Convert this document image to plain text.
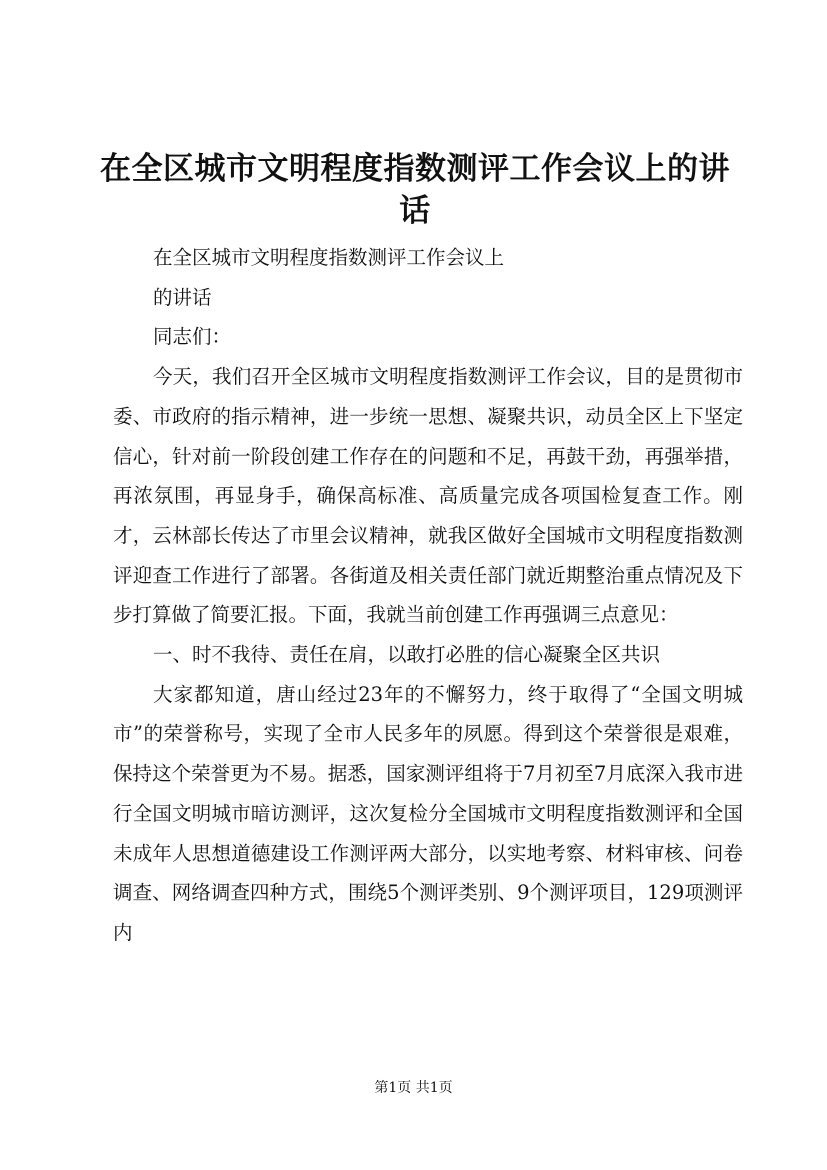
在全区城市文明程度指数测评工作会议上的讲话

在全区城市文明程度指数测评工作会议上

的讲话

同志们：

今天，我们召开全区城市文明程度指数测评工作会议，目的是贯彻市委、市政府的指示精神，进一步统一思想、凝聚共识，动员全区上下坚定信心，针对前一阶段创建工作存在的问题和不足，再鼓干劲，再强举措，再浓氛围，再显身手，确保高标准、高质量完成各项国检复查工作。刚才，云林部长传达了市里会议精神，就我区做好全国城市文明程度指数测评迎查工作进行了部署。各街道及相关责任部门就近期整治重点情况及下步打算做了简要汇报。下面，我就当前创建工作再强调三点意见：

一、时不我待、责任在肩，以敢打必胜的信心凝聚全区共识

大家都知道，唐山经过23年的不懈努力，终于取得了“全国文明城市”的荣誉称号，实现了全市人民多年的夙愿。得到这个荣誉很是艰难，保持这个荣誉更为不易。据悉，国家测评组将于7月初至7月底深入我市进行全国文明城市暗访测评，这次复检分全国城市文明程度指数测评和全国未成年人思想道德建设工作测评两大部分，以实地考察、材料审核、问卷调查、网络调查四种方式，围绕5个测评类别、9个测评项目，129项测评内

第1页 共1页
